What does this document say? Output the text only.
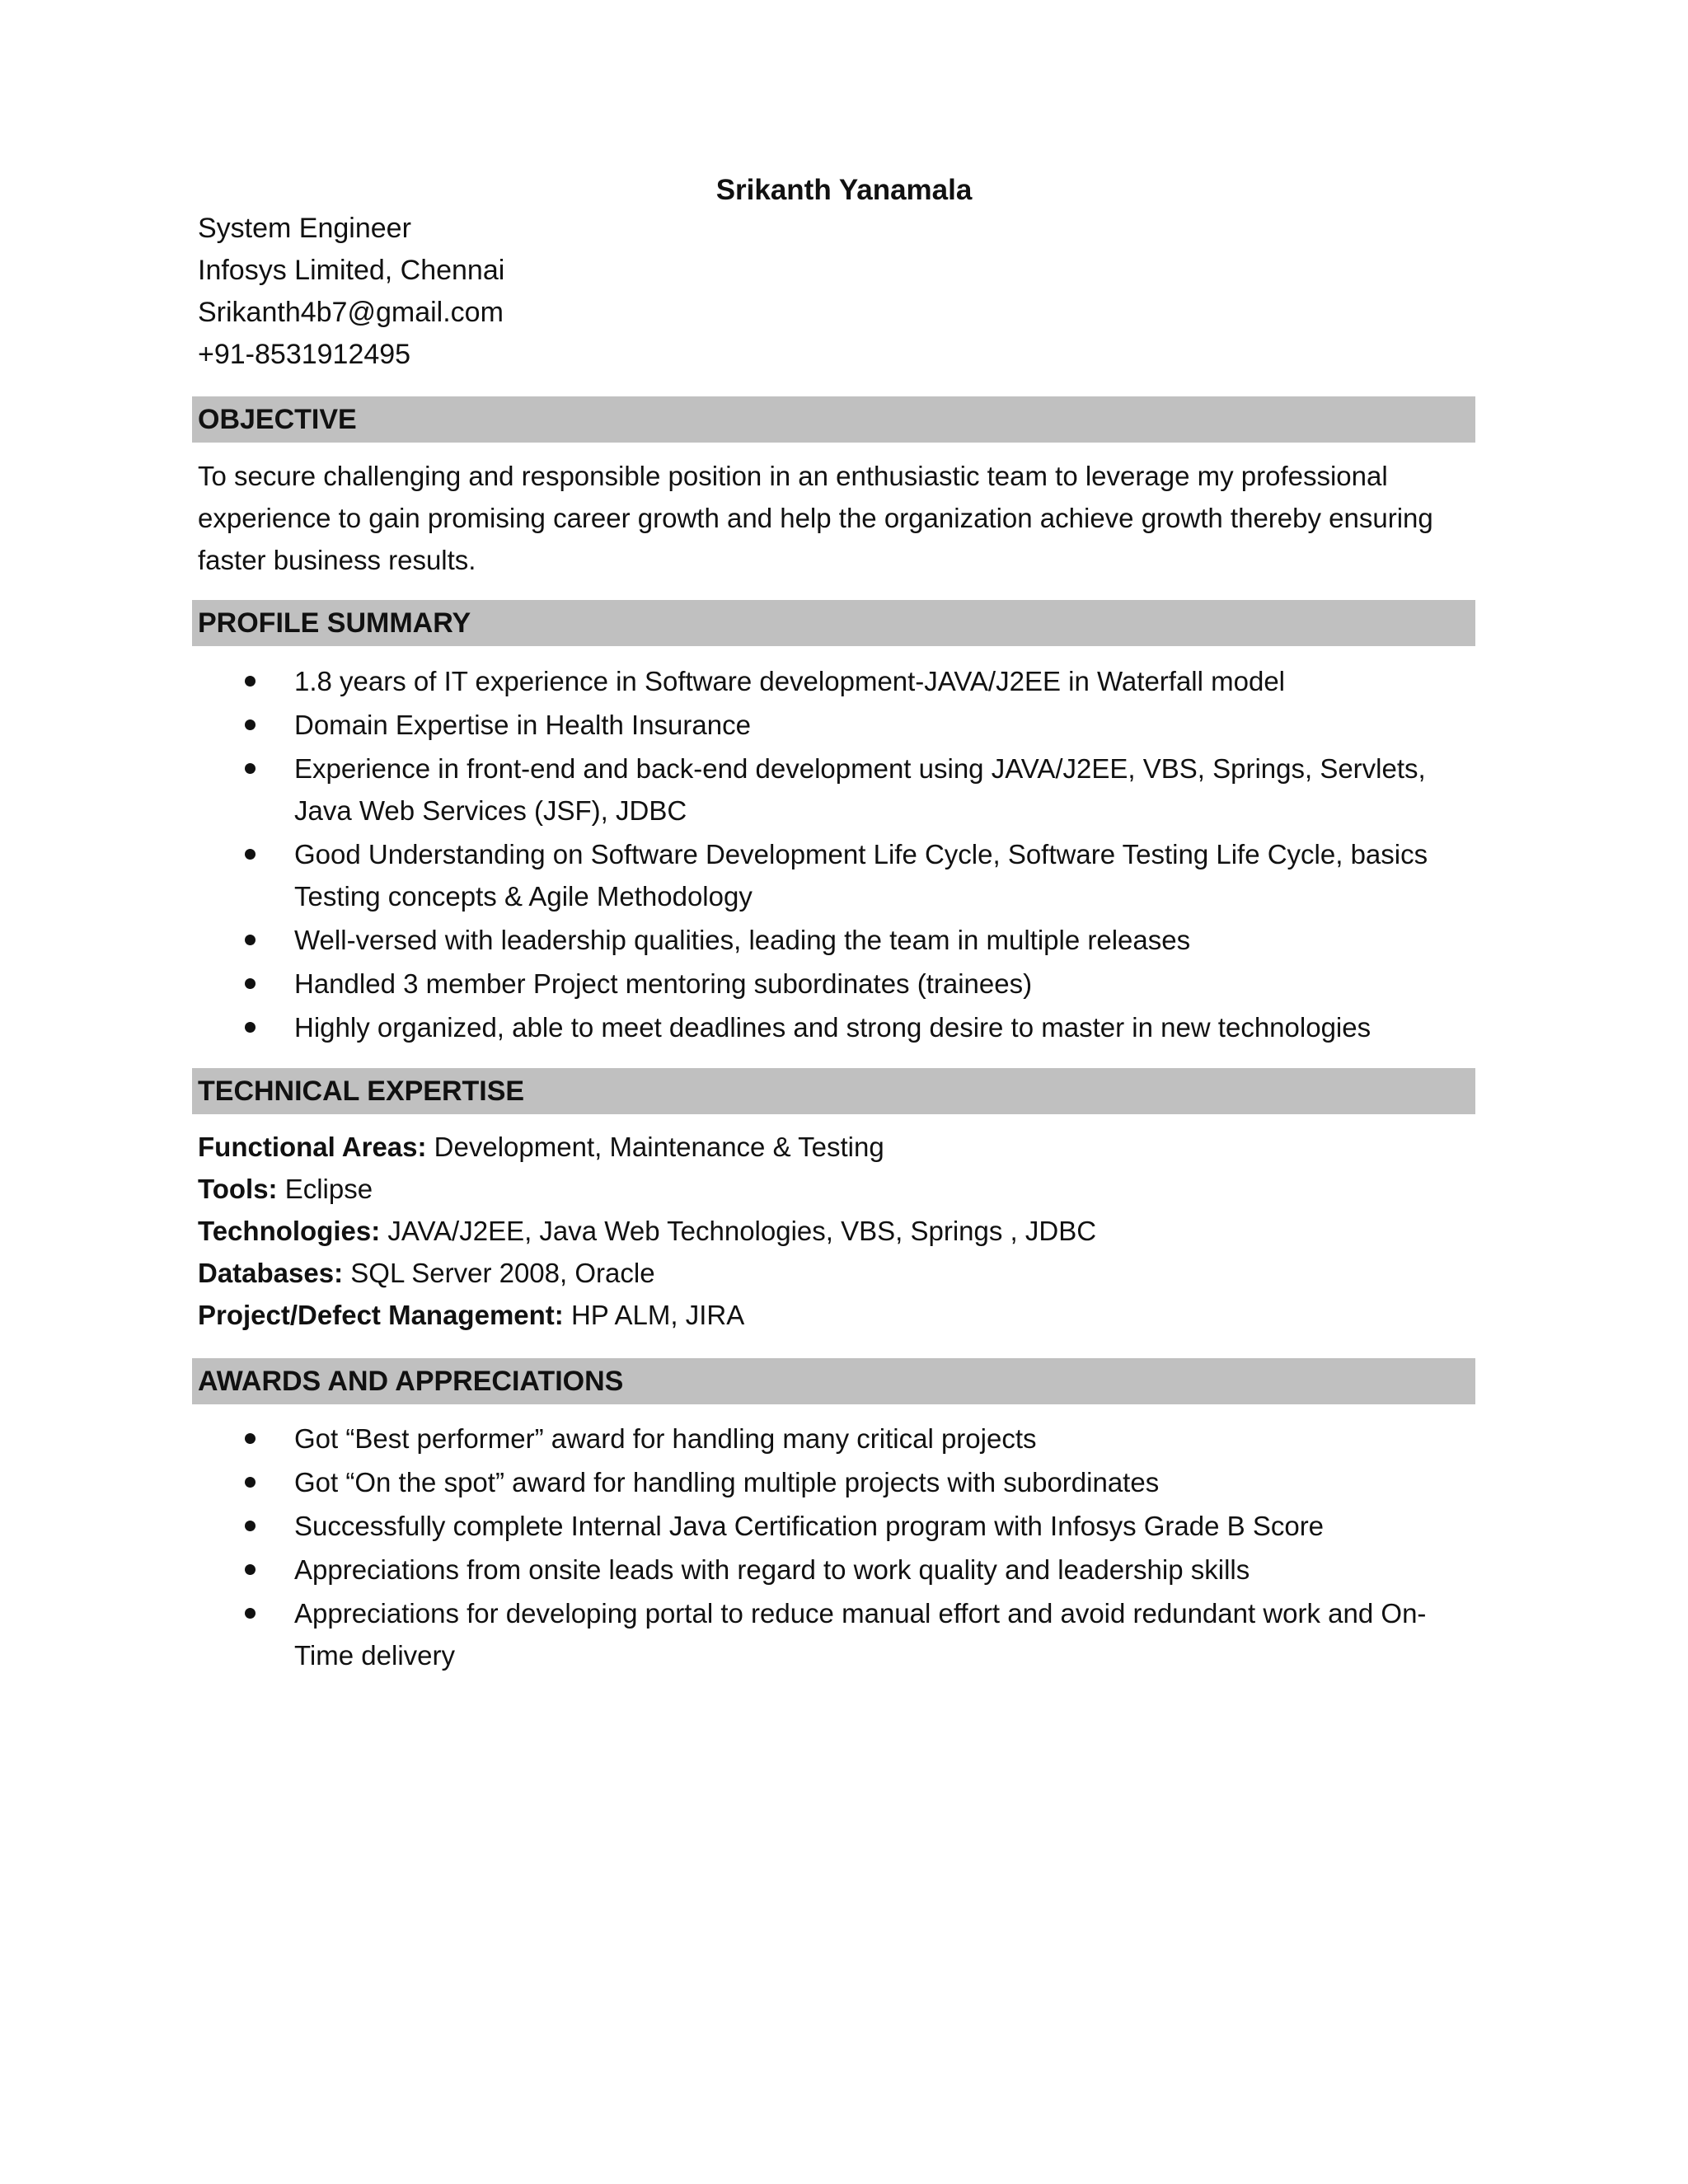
Srikanth Yanamala
System Engineer
Infosys Limited, Chennai
Srikanth4b7@gmail.com
+91-8531912495
OBJECTIVE
To secure challenging and responsible position in an enthusiastic team to leverage my professional experience to gain promising career growth and help the organization achieve growth thereby ensuring faster business results.
PROFILE SUMMARY
1.8 years of IT experience in Software development-JAVA/J2EE in Waterfall model
Domain Expertise in Health Insurance
Experience in front-end and back-end development using JAVA/J2EE, VBS, Springs, Servlets, Java Web Services (JSF), JDBC
Good Understanding on Software Development Life Cycle, Software Testing Life Cycle, basics Testing concepts & Agile Methodology
Well-versed with leadership qualities, leading the team in multiple releases
Handled 3 member Project mentoring subordinates (trainees)
Highly organized, able to meet deadlines and strong desire to master in new technologies
TECHNICAL EXPERTISE
Functional Areas: Development, Maintenance & Testing
Tools: Eclipse
Technologies: JAVA/J2EE, Java Web Technologies, VBS, Springs , JDBC
Databases: SQL Server 2008, Oracle
Project/Defect Management: HP ALM, JIRA
AWARDS AND APPRECIATIONS
Got “Best performer” award for handling many critical projects
Got “On the spot” award for handling multiple projects with subordinates
Successfully complete Internal Java Certification program with Infosys Grade B Score
Appreciations from onsite leads with regard to work quality and leadership skills
Appreciations for developing portal to reduce manual effort and avoid redundant work and On-Time delivery
